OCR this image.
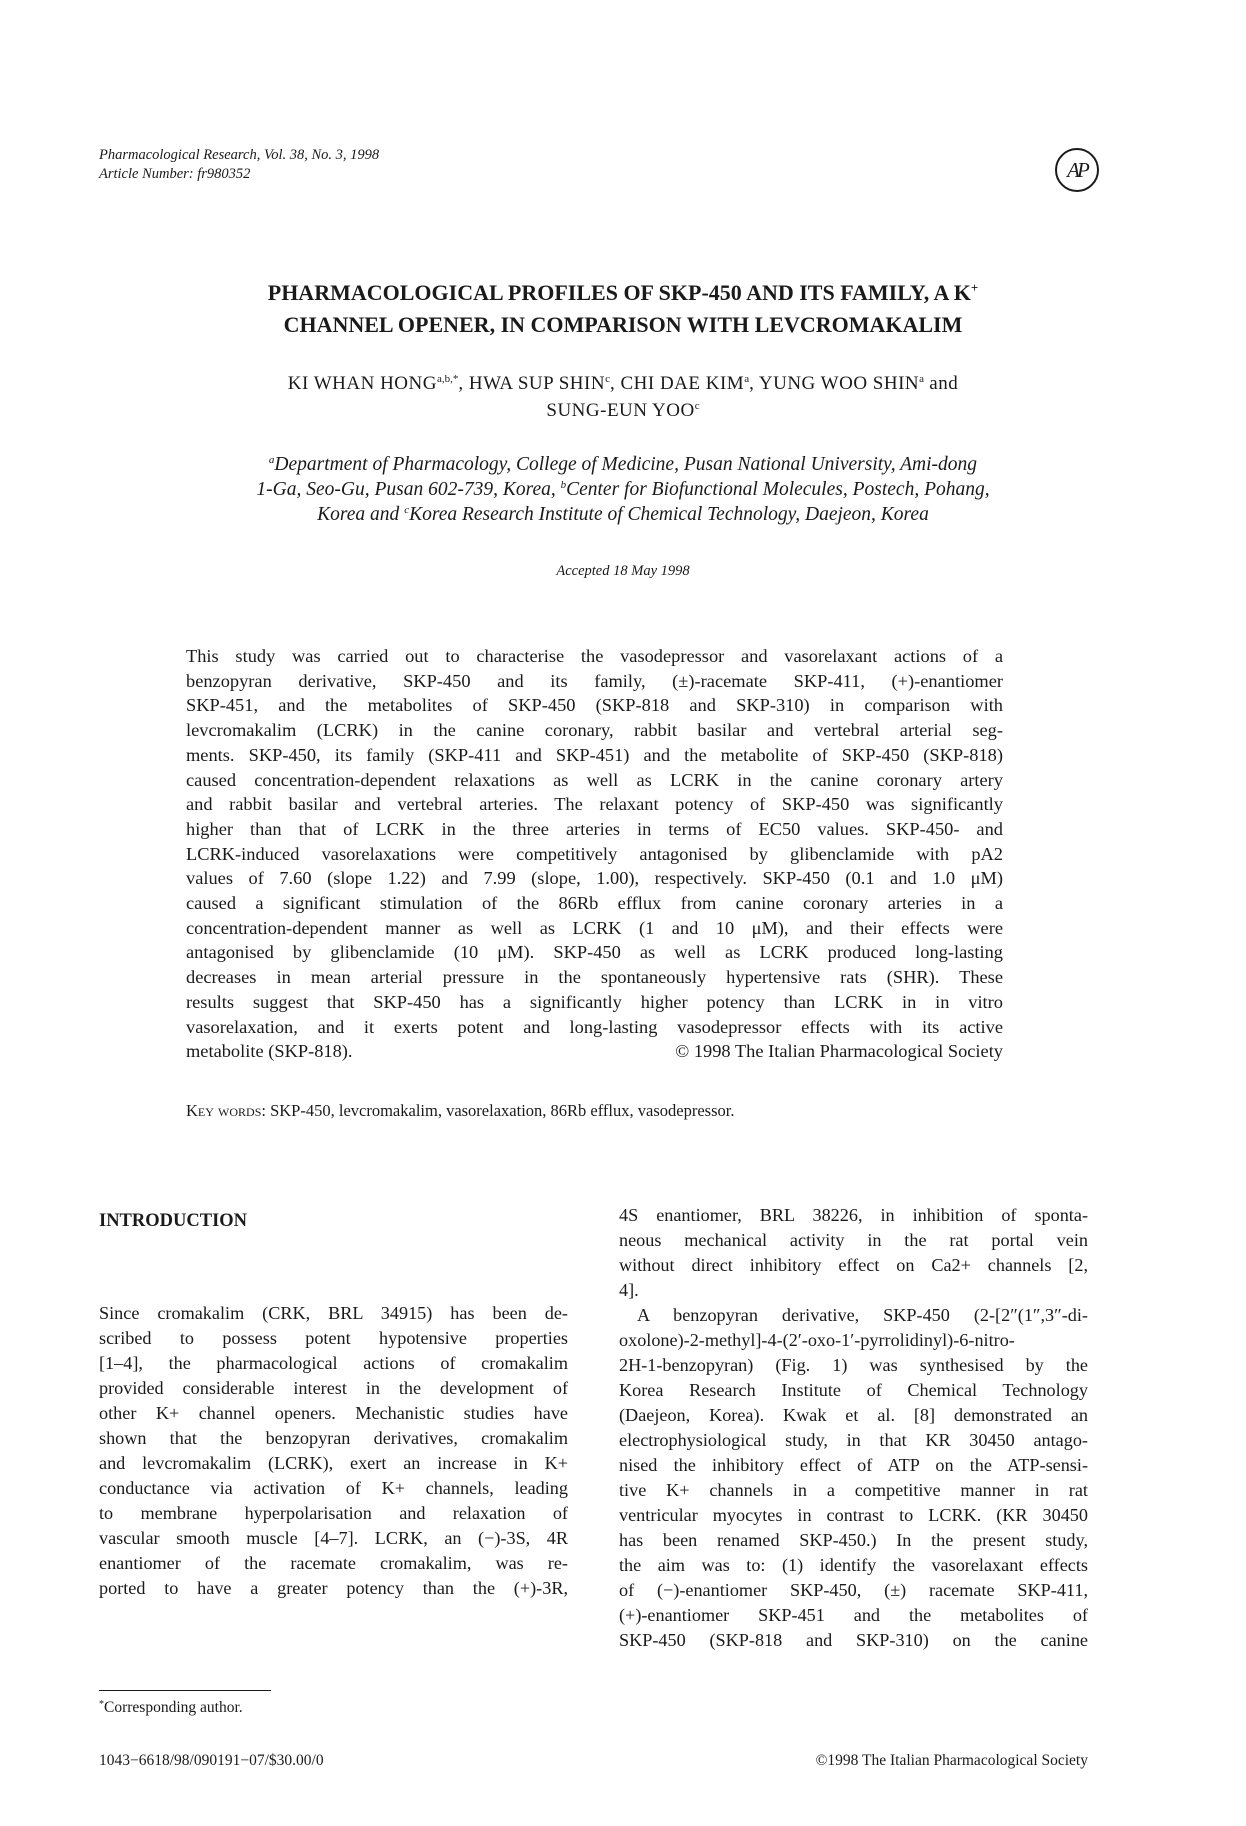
Pharmacological Research, Vol. 38, No. 3, 1998
Article Number: fr980352	AP
PHARMACOLOGICAL PROFILES OF SKP-450 AND ITS FAMILY, A K+
CHANNEL OPENER, IN COMPARISON WITH LEVCROMAKALIM
KI WHAN $HONG^{a,b,*}$, HWA SUP SHIN$^c$, CHI DAE KIM$^a$, YUNG WOO SHIN$^a$ and
SUNG-EUN YOO$^c$
$^a$Department of Pharmacology, College of Medicine, Pusan National University, Ami-dong
1-Ga, Seo-Gu, Pusan 602-739, Korea, $^b$Center for Biofunctional Molecules, Postech, Pohang,
Korea and $^c$Korea Research Institute of Chemical Technology, Daejeon, Korea
Accepted 18 May 1998
This study was carried out to characterise the vasodepressor and vasorelaxant actions of a
benzopyran derivative, SKP-450 and its family, (±)-racemate SKP-411, (+)-enantiomer
SKP-451, and the metabolites of SKP-450 (SKP-818 and SKP-310) in comparison with
levcromakalim (LCRK) in the canine coronary, rabbit basilar and vertebral arterial seg-
ments. SKP-450, its family (SKP-411 and SKP-451) and the metabolite of SKP-450 (SKP-818)
caused concentration-dependent relaxations as well as LCRK in the canine coronary artery
and rabbit basilar and vertebral arteries. The relaxant potency of SKP-450 was significantly
higher than that of LCRK in the three arteries in terms of EC50 values. SKP-450- and
LCRK-induced vasorelaxations were competitively antagonised by glibenclamide with pA2
values of 7.60 (slope 1.22) and 7.99 (slope, 1.00), respectively. SKP-450 (0.1 and 1.0 μM)
caused a significant stimulation of the 86Rb efflux from canine coronary arteries in a
concentration-dependent manner as well as LCRK (1 and 10 μM), and their effects were
antagonised by glibenclamide (10 μM). SKP-450 as well as LCRK produced long-lasting
decreases in mean arterial pressure in the spontaneously hypertensive rats (SHR). These
results suggest that SKP-450 has a significantly higher potency than LCRK in in vitro
vasorelaxation, and it exerts potent and long-lasting vasodepressor effects with its active
metabolite (SKP-818).	© 1998 The Italian Pharmacological Society
Key words: SKP-450, levcromakalim, vasorelaxation, 86Rb efflux, vasodepressor.
INTRODUCTION
Since cromakalim (CRK, BRL 34915) has been de-
scribed to possess potent hypotensive properties
[1–4], the pharmacological actions of cromakalim
provided considerable interest in the development of
other K+ channel openers. Mechanistic studies have
shown that the benzopyran derivatives, cromakalim
and levcromakalim (LCRK), exert an increase in K+
conductance via activation of K+ channels, leading
to membrane hyperpolarisation and relaxation of
vascular smooth muscle [4–7]. LCRK, an (−)-3S, 4R
enantiomer of the racemate cromakalim, was re-
ported to have a greater potency than the (+)-3R,
4S enantiomer, BRL 38226, in inhibition of sponta-
neous mechanical activity in the rat portal vein
without direct inhibitory effect on Ca2+ channels [2,
4].
A benzopyran derivative, SKP-450 (2-[2″(1″,3″-di-
oxolone)-2-methyl]-4-(2′-oxo-1′-pyrrolidinyl)-6-nitro-
2H-1-benzopyran) (Fig. 1) was synthesised by the
Korea Research Institute of Chemical Technology
(Daejeon, Korea). Kwak et al. [8] demonstrated an
electrophysiological study, in that KR 30450 antago-
nised the inhibitory effect of ATP on the ATP-sensi-
tive K+ channels in a competitive manner in rat
ventricular myocytes in contrast to LCRK. (KR 30450
has been renamed SKP-450.) In the present study,
the aim was to: (1) identify the vasorelaxant effects
of (−)-enantiomer SKP-450, (±) racemate SKP-411,
(+)-enantiomer SKP-451 and the metabolites of
SKP-450 (SKP-818 and SKP-310) on the canine
*Corresponding author.
1043−6618/98/090191−07/$30.00/0	©1998 The Italian Pharmacological Society
